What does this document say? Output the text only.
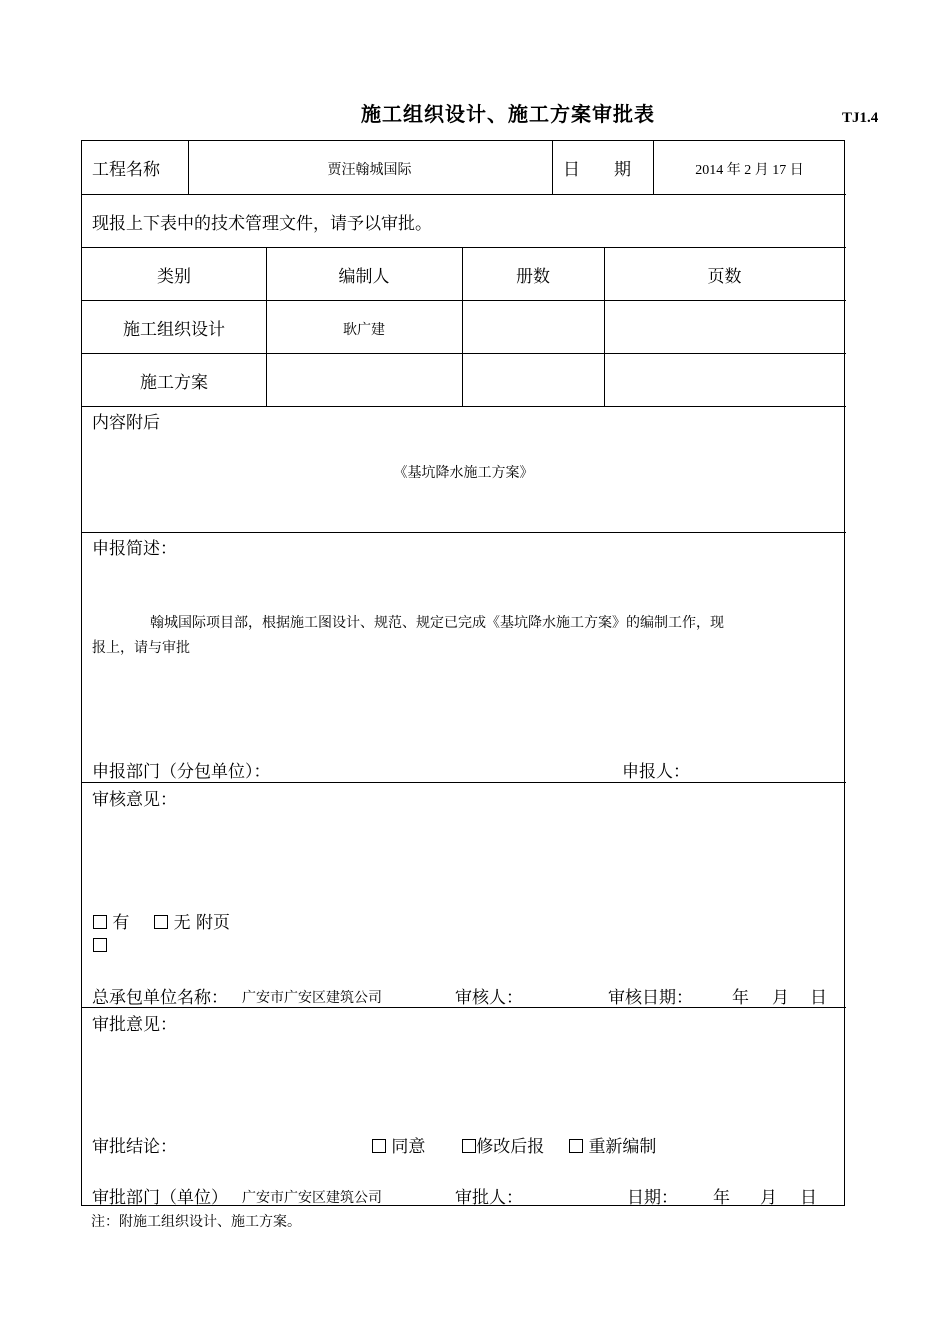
施工组织设计、施工方案审批表	TJ1.4
工程名称	贾汪翰城国际	日　　期	2014 年 2 月 17 日
现报上下表中的技术管理文件，请予以审批。
类别	编制人	册数	页数
施工组织设计	耿广建
施工方案
内容附后
《基坑降水施工方案》
申报简述：
翰城国际项目部，根据施工图设计、规范、规定已完成《基坑降水施工方案》的编制工作，现
报上，请与审批
申报部门（分包单位）：	申报人：
审核意见：
有	无 附页
总承包单位名称： 广安市广安区建筑公司	审核人：	审核日期： 年 月 日
审批意见：
审批结论：	同意	修改后报	重新编制
审批部门（单位） 广安市广安区建筑公司	审批人：	日期： 年 月 日
注：附施工组织设计、施工方案。
